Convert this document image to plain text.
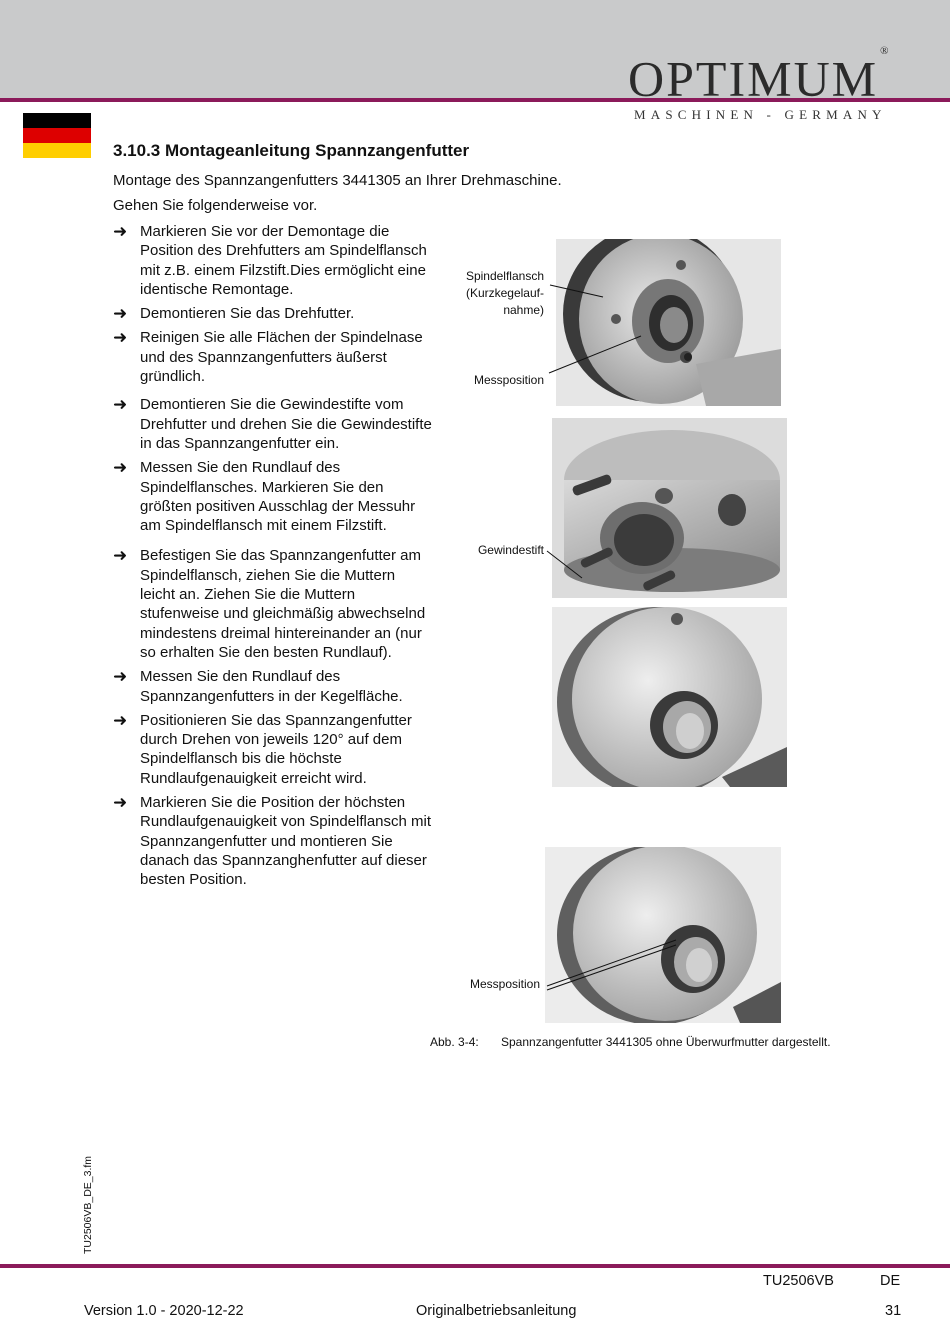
OPTIMUM ®
MASCHINEN - GERMANY
3.10.3 Montageanleitung Spannzangenfutter
Montage des Spannzangenfutters 3441305 an Ihrer Drehmaschine.
Gehen Sie folgenderweise vor.
➜ Markieren Sie vor der Demontage die Position des Drehfutters am Spindelflansch mit z.B. einem Filzstift.Dies ermöglicht eine identische Remontage.
➜ Demontieren Sie das Drehfutter.
➜ Reinigen Sie alle Flächen der Spindelnase und des Spannzangenfutters äußerst gründlich.
➜ Demontieren Sie die Gewindestifte vom Drehfutter und drehen Sie die Gewindestifte in das Spannzangenfutter ein.
➜ Messen Sie den Rundlauf des Spindelflansches. Markieren Sie den größten positiven Ausschlag der Messuhr am Spindelflansch mit einem Filzstift.
➜ Befestigen Sie das Spannzangenfutter am Spindelflansch, ziehen Sie die Muttern leicht an. Ziehen Sie die Muttern stufenweise und gleichmäßig abwechselnd mindestens dreimal hintereinander an (nur so erhalten Sie den besten Rundlauf).
➜ Messen Sie den Rundlauf des Spannzangenfutters in der Kegelfläche.
➜ Positionieren Sie das Spannzangenfutter durch Drehen von jeweils 120° auf dem Spindelflansch bis die höchste Rundlaufgenauigkeit erreicht wird.
➜ Markieren Sie die Position der höchsten Rundlaufgenauigkeit von Spindelflansch mit Spannzangenfutter und montieren Sie danach das Spannzanghenfutter auf dieser besten Position.
Spindelflansch
(Kurzkegelauf-
nahme)
Messposition
Gewindestift
Messposition
Abb. 3-4: Spannzangenfutter 3441305 ohne Überwurfmutter dargestellt.
TU2506VB_DE_3.fm
TU2506VB	DE
Version 1.0 - 2020-12-22	Originalbetriebsanleitung	31
